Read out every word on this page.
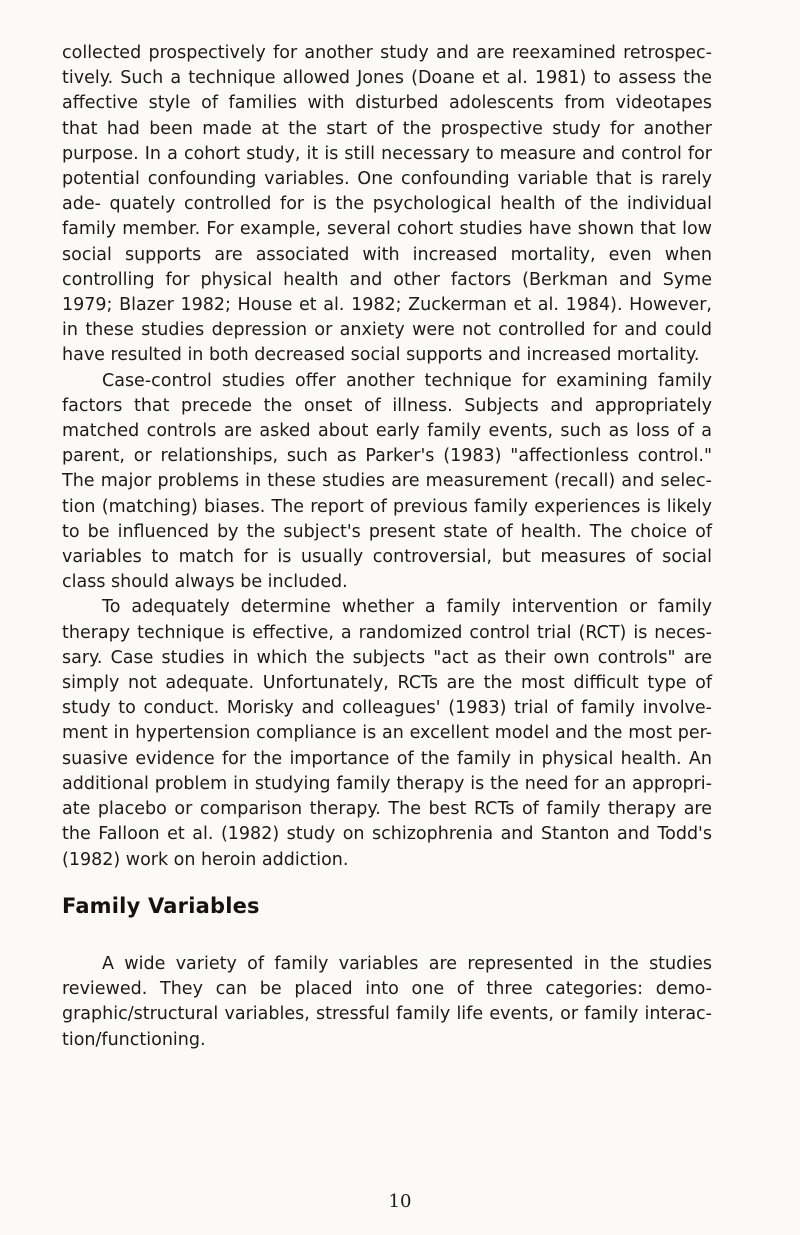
collected prospectively for another study and are reexamined retrospec- tively. Such a technique allowed Jones (Doane et al. 1981) to assess the affective style of families with disturbed adolescents from videotapes that had been made at the start of the prospective study for another purpose. In a cohort study, it is still necessary to measure and control for potential confounding variables. One confounding variable that is rarely ade- quately controlled for is the psychological health of the individual family member. For example, several cohort studies have shown that low social supports are associated with increased mortality, even when controlling for physical health and other factors (Berkman and Syme 1979; Blazer 1982; House et al. 1982; Zuckerman et al. 1984). However, in these studies depression or anxiety were not controlled for and could have resulted in both decreased social supports and increased mortality.

Case-control studies offer another technique for examining family factors that precede the onset of illness. Subjects and appropriately matched controls are asked about early family events, such as loss of a parent, or relationships, such as Parker's (1983) "affectionless control." The major problems in these studies are measurement (recall) and selec- tion (matching) biases. The report of previous family experiences is likely to be influenced by the subject's present state of health. The choice of variables to match for is usually controversial, but measures of social class should always be included.

To adequately determine whether a family intervention or family therapy technique is effective, a randomized control trial (RCT) is neces- sary. Case studies in which the subjects "act as their own controls" are simply not adequate. Unfortunately, RCTs are the most difficult type of study to conduct. Morisky and colleagues' (1983) trial of family involve- ment in hypertension compliance is an excellent model and the most per- suasive evidence for the importance of the family in physical health. An additional problem in studying family therapy is the need for an appropri- ate placebo or comparison therapy. The best RCTs of family therapy are the Falloon et al. (1982) study on schizophrenia and Stanton and Todd's (1982) work on heroin addiction.

Family Variables

A wide variety of family variables are represented in the studies reviewed. They can be placed into one of three categories: demo- graphic/structural variables, stressful family life events, or family interac- tion/functioning.

10
